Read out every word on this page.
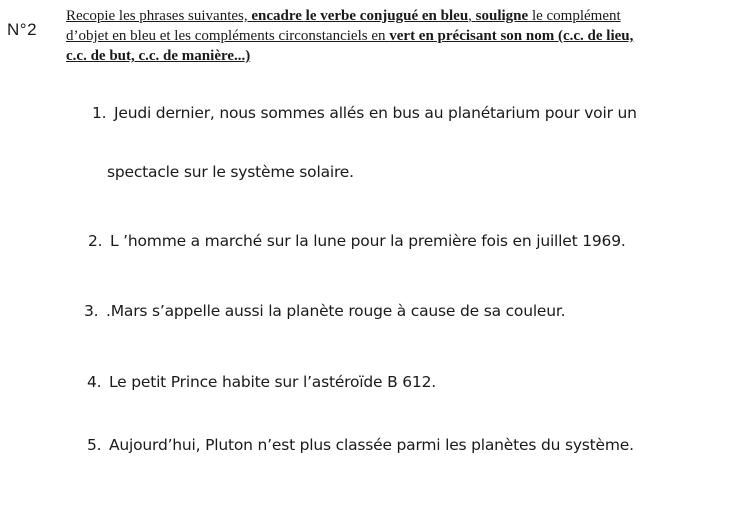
N°2
Recopie les phrases suivantes, encadre le verbe conjugué en bleu, souligne le complément
d’objet en bleu et les compléments circonstanciels en vert en précisant son nom (c.c. de lieu,
c.c. de but, c.c. de manière...)
1. Jeudi dernier, nous sommes allés en bus au planétarium pour voir un
spectacle sur le système solaire.
2. L ’homme a marché sur la lune pour la première fois en juillet 1969.
3. .Mars s’appelle aussi la planète rouge à cause de sa couleur.
4. Le petit Prince habite sur l’astéroïde B 612.
5. Aujourd’hui, Pluton n’est plus classée parmi les planètes du système.
